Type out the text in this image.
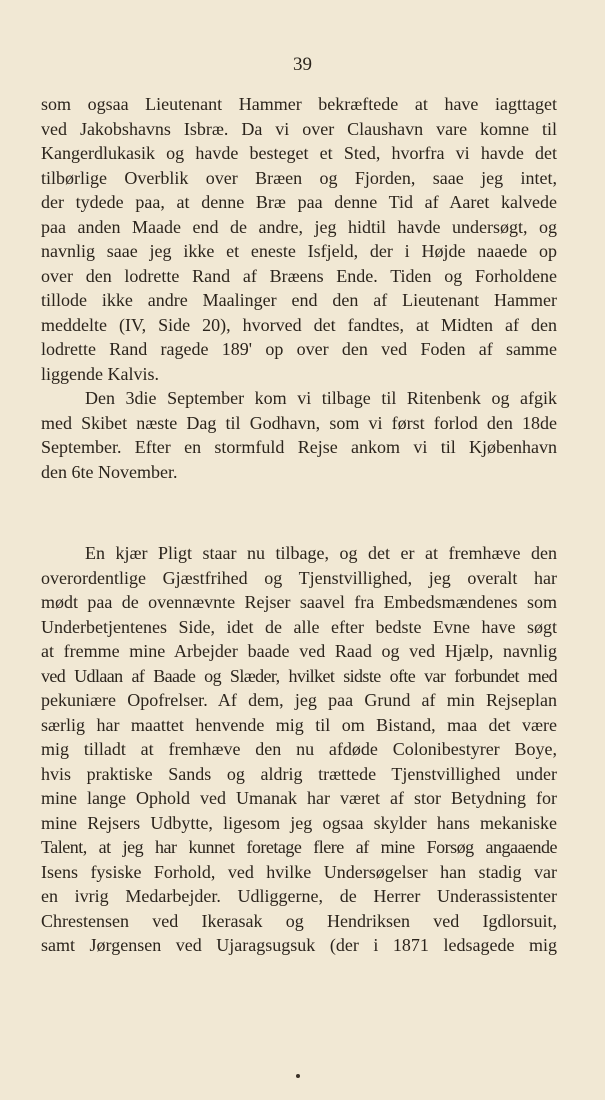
39
som ogsaa Lieutenant Hammer bekræftede at have iagttaget
ved Jakobshavns Isbræ. Da vi over Claushavn vare komne til
Kangerdlukasik og havde besteget et Sted, hvorfra vi havde det
tilbørlige Overblik over Bræen og Fjorden, saae jeg intet,
der tydede paa, at denne Bræ paa denne Tid af Aaret kalvede
paa anden Maade end de andre, jeg hidtil havde undersøgt, og
navnlig saae jeg ikke et eneste Isfjeld, der i Højde naaede op
over den lodrette Rand af Bræens Ende. Tiden og Forholdene
tillode ikke andre Maalinger end den af Lieutenant Hammer
meddelte (IV, Side 20), hvorved det fandtes, at Midten af den
lodrette Rand ragede 189' op over den ved Foden af samme
liggende Kalvis.
Den 3die September kom vi tilbage til Ritenbenk og afgik
med Skibet næste Dag til Godhavn, som vi først forlod den 18de
September. Efter en stormfuld Rejse ankom vi til Kjøbenhavn
den 6te November.
En kjær Pligt staar nu tilbage, og det er at fremhæve den
overordentlige Gjæstfrihed og Tjenstvillighed, jeg overalt har
mødt paa de ovennævnte Rejser saavel fra Embedsmændenes som
Underbetjentenes Side, idet de alle efter bedste Evne have søgt
at fremme mine Arbejder baade ved Raad og ved Hjælp, navnlig
ved Udlaan af Baade og Slæder, hvilket sidste ofte var forbundet med
pekuniære Opofrelser. Af dem, jeg paa Grund af min Rejseplan
særlig har maattet henvende mig til om Bistand, maa det være
mig tilladt at fremhæve den nu afdøde Colonibestyrer Boye,
hvis praktiske Sands og aldrig trættede Tjenstvillighed under
mine lange Ophold ved Umanak har været af stor Betydning for
mine Rejsers Udbytte, ligesom jeg ogsaa skylder hans mekaniske
Talent, at jeg har kunnet foretage flere af mine Forsøg angaaende
Isens fysiske Forhold, ved hvilke Undersøgelser han stadig var
en ivrig Medarbejder. Udliggerne, de Herrer Underassistenter
Chrestensen ved Ikerasak og Hendriksen ved Igdlorsuit,
samt Jørgensen ved Ujaragsugsuk (der i 1871 ledsagede mig
